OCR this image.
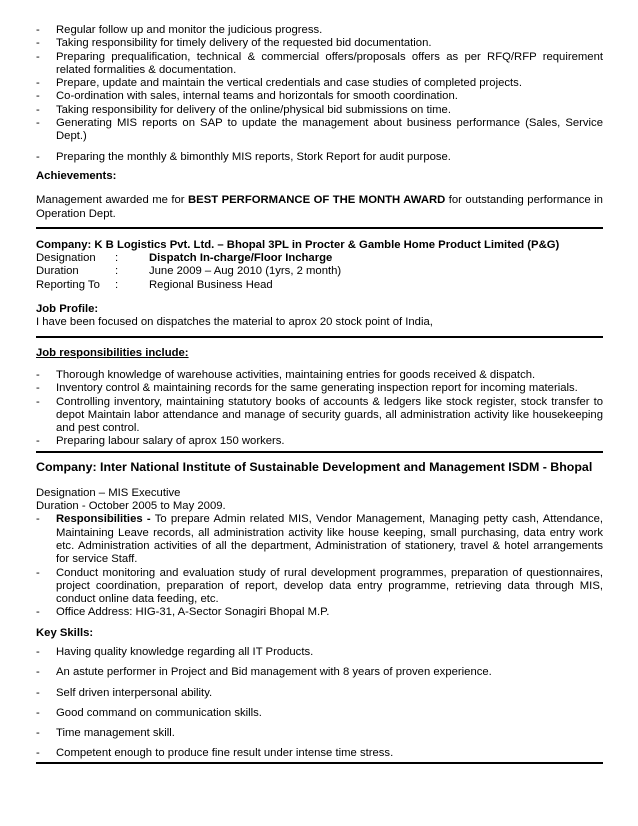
- Regular follow up and monitor the judicious progress.
- Taking responsibility for timely delivery of the requested bid documentation.
- Preparing prequalification, technical & commercial offers/proposals offers as per RFQ/RFP requirement related formalities & documentation.
- Prepare, update and maintain the vertical credentials and case studies of completed projects.
- Co-ordination with sales, internal teams and horizontals for smooth coordination.
- Taking responsibility for delivery of the online/physical bid submissions on time.
- Generating MIS reports on SAP to update the management about business performance (Sales, Service Dept.)
- Preparing the monthly & bimonthly MIS reports, Stork Report for audit purpose.
Achievements:
Management awarded me for BEST PERFORMANCE OF THE MONTH AWARD for outstanding performance in Operation Dept.
Company: K B Logistics Pvt. Ltd. – Bhopal 3PL in Procter & Gamble Home Product Limited (P&G)
Designation	:	Dispatch In-charge/Floor Incharge
Duration	:	June 2009 – Aug 2010 (1yrs, 2 month)
Reporting To	:	Regional Business Head
Job Profile:
I have been focused on dispatches the material to aprox 20 stock point of India,
Job responsibilities include:
- Thorough knowledge of warehouse activities, maintaining entries for goods received & dispatch.
- Inventory control & maintaining records for the same generating inspection report for incoming materials.
- Controlling inventory, maintaining statutory books of accounts & ledgers like stock register, stock transfer to depot Maintain labor attendance and manage of security guards, all administration activity like housekeeping and pest control.
- Preparing labour salary of aprox 150 workers.
Company: Inter National Institute of Sustainable Development and Management ISDM - Bhopal
Designation – MIS Executive
Duration - October 2005 to May 2009.
- Responsibilities - To prepare Admin related MIS, Vendor Management, Managing petty cash, Attendance, Maintaining Leave records, all administration activity like house keeping, small purchasing, data entry work etc. Administration activities of all the department, Administration of stationery, travel & hotel arrangements for service Staff.
- Conduct monitoring and evaluation study of rural development programmes, preparation of questionnaires, project coordination, preparation of report, develop data entry programme, retrieving data through MIS, conduct online data feeding, etc.
- Office Address: HIG-31, A-Sector Sonagiri Bhopal M.P.
Key Skills:
- Having quality knowledge regarding all IT Products.
- An astute performer in Project and Bid management with 8 years of proven experience.
- Self driven interpersonal ability.
- Good command on communication skills.
- Time management skill.
- Competent enough to produce fine result under intense time stress.
